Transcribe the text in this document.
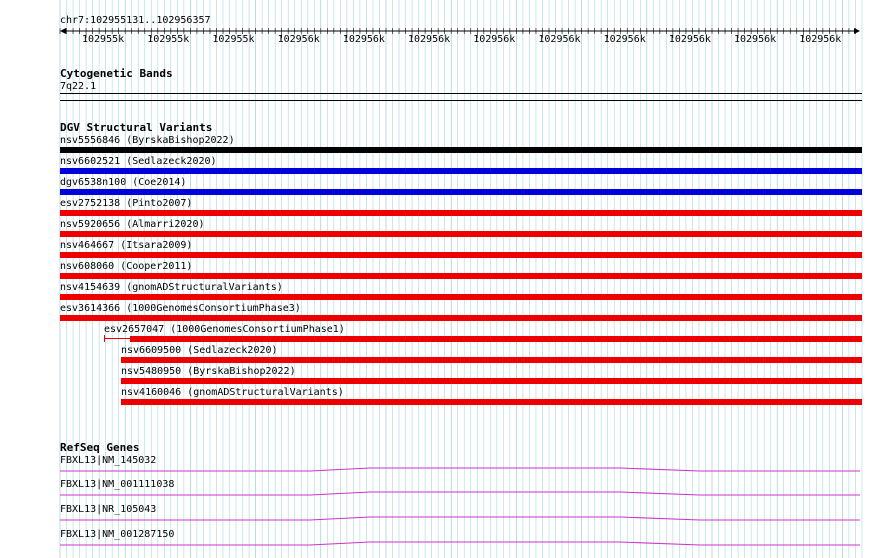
chr7:102955131..102956357
102955k 102955k 102955k 102956k 102956k 102956k 102956k 102956k 102956k 102956k 102956k 102956k
Cytogenetic Bands
7q22.1
DGV Structural Variants
nsv5556846 (ByrskaBishop2022)
nsv6602521 (Sedlazeck2020)
dgv6538n100 (Coe2014)
esv2752138 (Pinto2007)
nsv5920656 (Almarri2020)
nsv464667 (Itsara2009)
nsv608060 (Cooper2011)
nsv4154639 (gnomADStructuralVariants)
esv3614366 (1000GenomesConsortiumPhase3)
esv2657047 (1000GenomesConsortiumPhase1)
nsv6609500 (Sedlazeck2020)
nsv5480950 (ByrskaBishop2022)
nsv4160046 (gnomADStructuralVariants)
RefSeq Genes
FBXL13|NM_145032
FBXL13|NM_001111038
FBXL13|NR_105043
FBXL13|NM_001287150
